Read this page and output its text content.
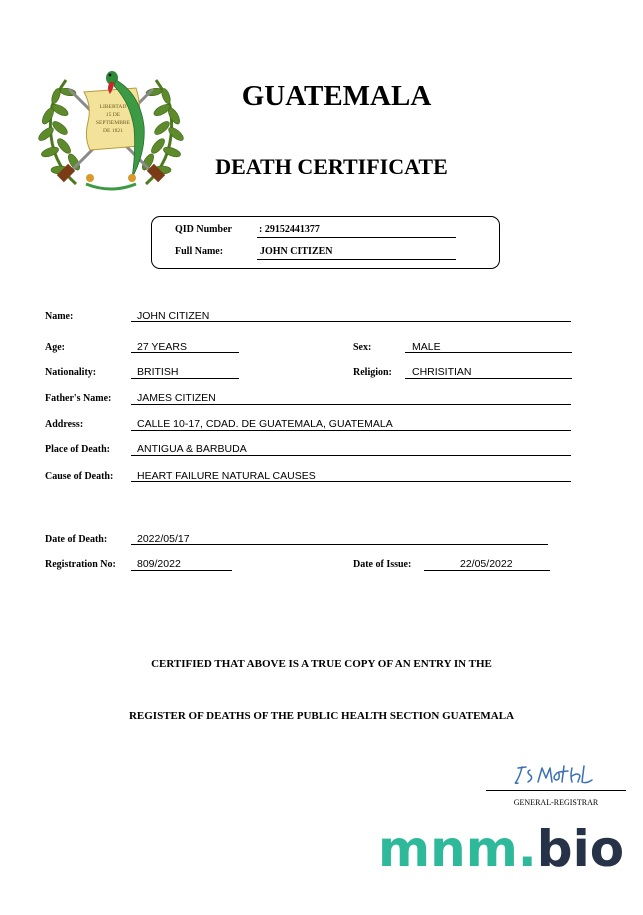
LIBERTAD
15 DE
SEPTIEMBRE
DE 1821
GUATEMALA
DEATH CERTIFICATE
QID Number	: 29152441377
Full Name:	JOHN CITIZEN
Name:	JOHN CITIZEN
Age:	27 YEARS	Sex:	MALE
Nationality:	BRITISH	Religion: CHRISITIAN
Father's Name: JAMES CITIZEN
Address:	CALLE 10-17, CDAD. DE GUATEMALA, GUATEMALA
Place of Death:	ANTIGUA & BARBUDA
Cause of Death: HEART FAILURE NATURAL CAUSES
Date of Death:	2022/05/17
Registration No: 809/2022	Date of Issue:	22/05/2022
CERTIFIED THAT ABOVE IS A TRUE COPY OF AN ENTRY IN THE
REGISTER OF DEATHS OF THE PUBLIC HEALTH SECTION GUATEMALA
GENERAL-REGISTRAR
mnm.bio
